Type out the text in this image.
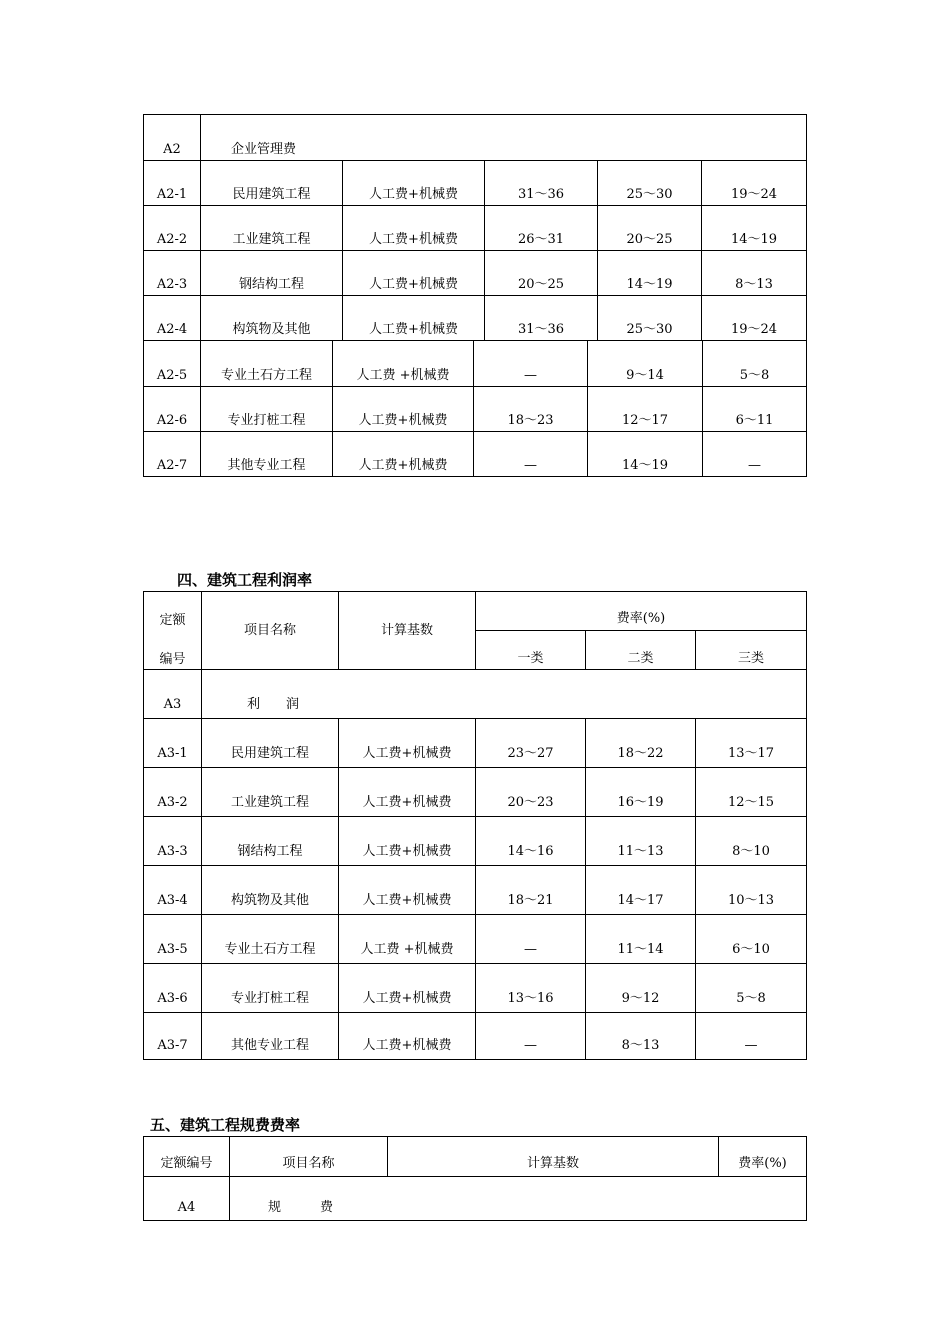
A2	企业管理费				
A2-1	民用建筑工程	人工费+机械费	31～36	25～30	19～24
A2-2	工业建筑工程	人工费+机械费	26～31	20～25	14～19
A2-3	钢结构工程	人工费+机械费	20～25	14～19	8～13
A2-4	构筑物及其他	人工费+机械费	31～36	25～30	19～24
A2-5	专业土石方工程	人工费 +机械费	—	9～14	5～8
A2-6	专业打桩工程	人工费+机械费	18～23	12～17	6～11
A2-7	其他专业工程	人工费+机械费	—	14～19	—
四、建筑工程利润率
定额
编号	项目名称	计算基数	费率(%)		
			一类	二类	三类
A3	利　　润				
A3-1	民用建筑工程	人工费+机械费	23～27	18～22	13～17
A3-2	工业建筑工程	人工费+机械费	20～23	16～19	12～15
A3-3	钢结构工程	人工费+机械费	14～16	11～13	8～10
A3-4	构筑物及其他	人工费+机械费	18～21	14～17	10～13
A3-5	专业土石方工程	人工费 +机械费	—	11～14	6～10
A3-6	专业打桩工程	人工费+机械费	13～16	9～12	5～8
A3-7	其他专业工程	人工费+机械费	—	8～13	—
五、建筑工程规费费率
定额编号	项目名称	计算基数	费率(%)
A4	规　　　费		
